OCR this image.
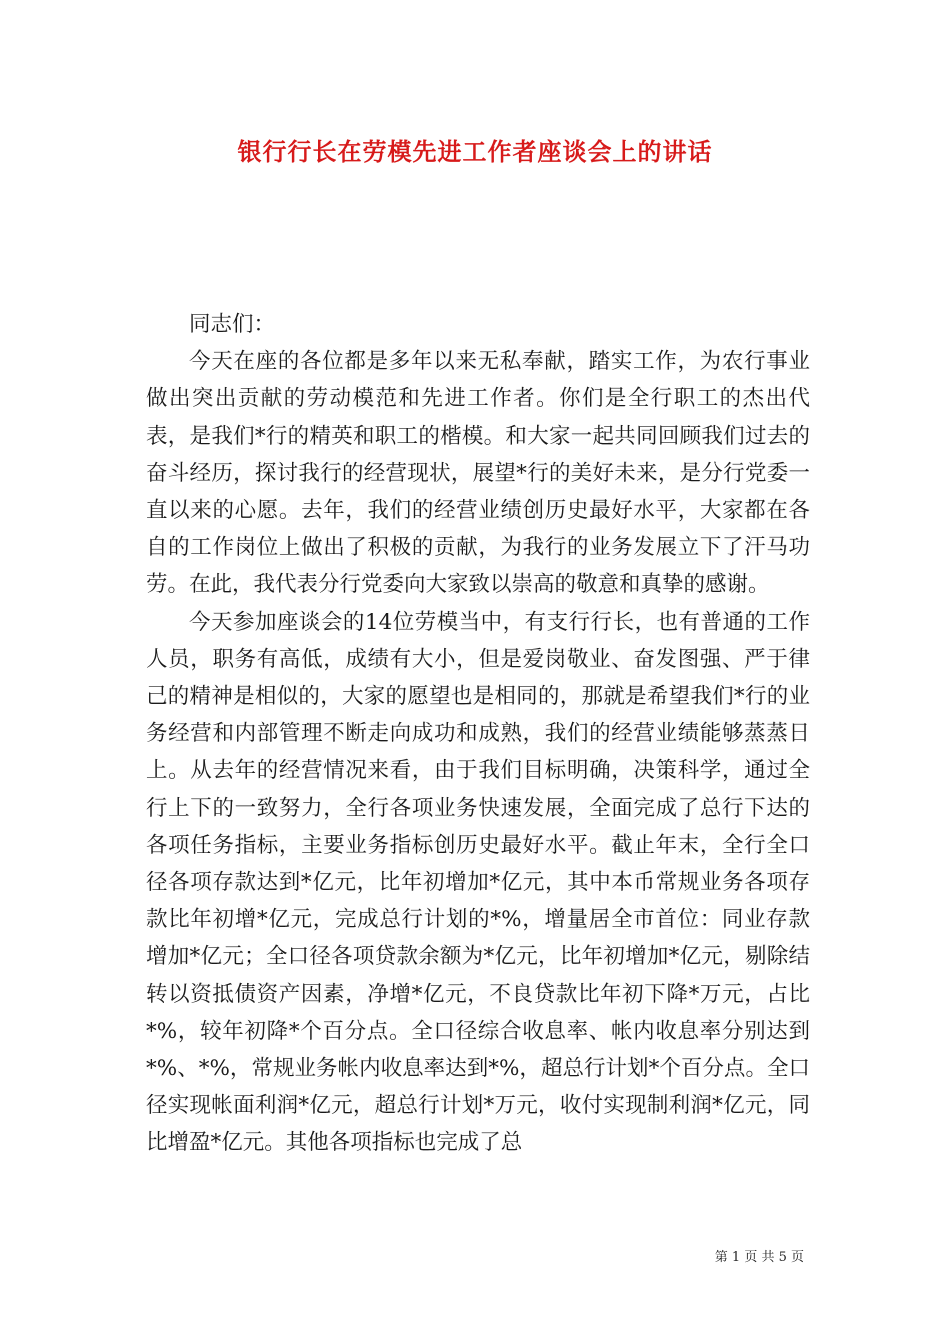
银行行长在劳模先进工作者座谈会上的讲话

同志们：

今天在座的各位都是多年以来无私奉献，踏实工作，为农行事业做出突出贡献的劳动模范和先进工作者。你们是全行职工的杰出代表，是我们*行的精英和职工的楷模。和大家一起共同回顾我们过去的奋斗经历，探讨我行的经营现状，展望*行的美好未来，是分行党委一直以来的心愿。去年，我们的经营业绩创历史最好水平，大家都在各自的工作岗位上做出了积极的贡献，为我行的业务发展立下了汗马功劳。在此，我代表分行党委向大家致以崇高的敬意和真挚的感谢。

今天参加座谈会的14位劳模当中，有支行行长，也有普通的工作人员，职务有高低，成绩有大小，但是爱岗敬业、奋发图强、严于律己的精神是相似的，大家的愿望也是相同的，那就是希望我们*行的业务经营和内部管理不断走向成功和成熟，我们的经营业绩能够蒸蒸日上。从去年的经营情况来看，由于我们目标明确，决策科学，通过全行上下的一致努力，全行各项业务快速发展，全面完成了总行下达的各项任务指标，主要业务指标创历史最好水平。截止年末，全行全口径各项存款达到*亿元，比年初增加*亿元，其中本币常规业务各项存款比年初增*亿元，完成总行计划的*%，增量居全市首位：同业存款增加*亿元；全口径各项贷款余额为*亿元，比年初增加*亿元，剔除结转以资抵债资产因素，净增*亿元，不良贷款比年初下降*万元，占比*%，较年初降*个百分点。全口径综合收息率、帐内收息率分别达到*%、*%，常规业务帐内收息率达到*%，超总行计划*个百分点。全口径实现帐面利润*亿元，超总行计划*万元，收付实现制利润*亿元，同比增盈*亿元。其他各项指标也完成了总

第 1 页 共 5 页
